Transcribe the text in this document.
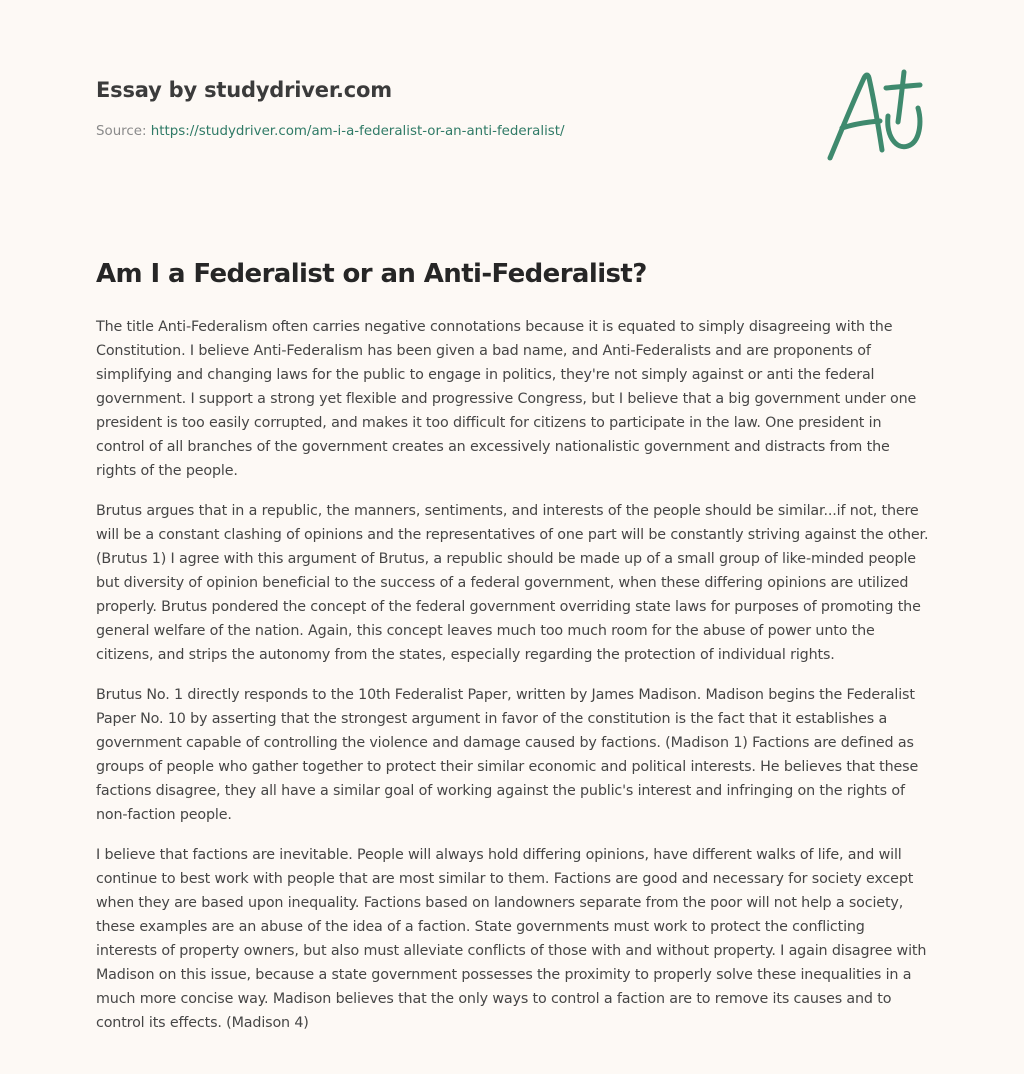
Essay by studydriver.com
Source: https://studydriver.com/am-i-a-federalist-or-an-anti-federalist/
Am I a Federalist or an Anti-Federalist?

The title Anti-Federalism often carries negative connotations because it is equated to simply disagreeing with the Constitution. I believe Anti-Federalism has been given a bad name, and Anti-Federalists and are proponents of simplifying and changing laws for the public to engage in politics, they're not simply against or anti the federal government. I support a strong yet flexible and progressive Congress, but I believe that a big government under one president is too easily corrupted, and makes it too difficult for citizens to participate in the law. One president in control of all branches of the government creates an excessively nationalistic government and distracts from the rights of the people.

Brutus argues that in a republic, the manners, sentiments, and interests of the people should be similar...if not, there will be a constant clashing of opinions and the representatives of one part will be constantly striving against the other. (Brutus 1) I agree with this argument of Brutus, a republic should be made up of a small group of like-minded people but diversity of opinion beneficial to the success of a federal government, when these differing opinions are utilized properly. Brutus pondered the concept of the federal government overriding state laws for purposes of promoting the general welfare of the nation. Again, this concept leaves much too much room for the abuse of power unto the citizens, and strips the autonomy from the states, especially regarding the protection of individual rights.

Brutus No. 1 directly responds to the 10th Federalist Paper, written by James Madison. Madison begins the Federalist Paper No. 10 by asserting that the strongest argument in favor of the constitution is the fact that it establishes a government capable of controlling the violence and damage caused by factions. (Madison 1) Factions are defined as groups of people who gather together to protect their similar economic and political interests. He believes that these factions disagree, they all have a similar goal of working against the public's interest and infringing on the rights of non-faction people.

I believe that factions are inevitable. People will always hold differing opinions, have different walks of life, and will continue to best work with people that are most similar to them. Factions are good and necessary for society except when they are based upon inequality. Factions based on landowners separate from the poor will not help a society, these examples are an abuse of the idea of a faction. State governments must work to protect the conflicting interests of property owners, but also must alleviate conflicts of those with and without property. I again disagree with Madison on this issue, because a state government possesses the proximity to properly solve these inequalities in a much more concise way. Madison believes that the only ways to control a faction are to remove its causes and to control its effects. (Madison 4)
